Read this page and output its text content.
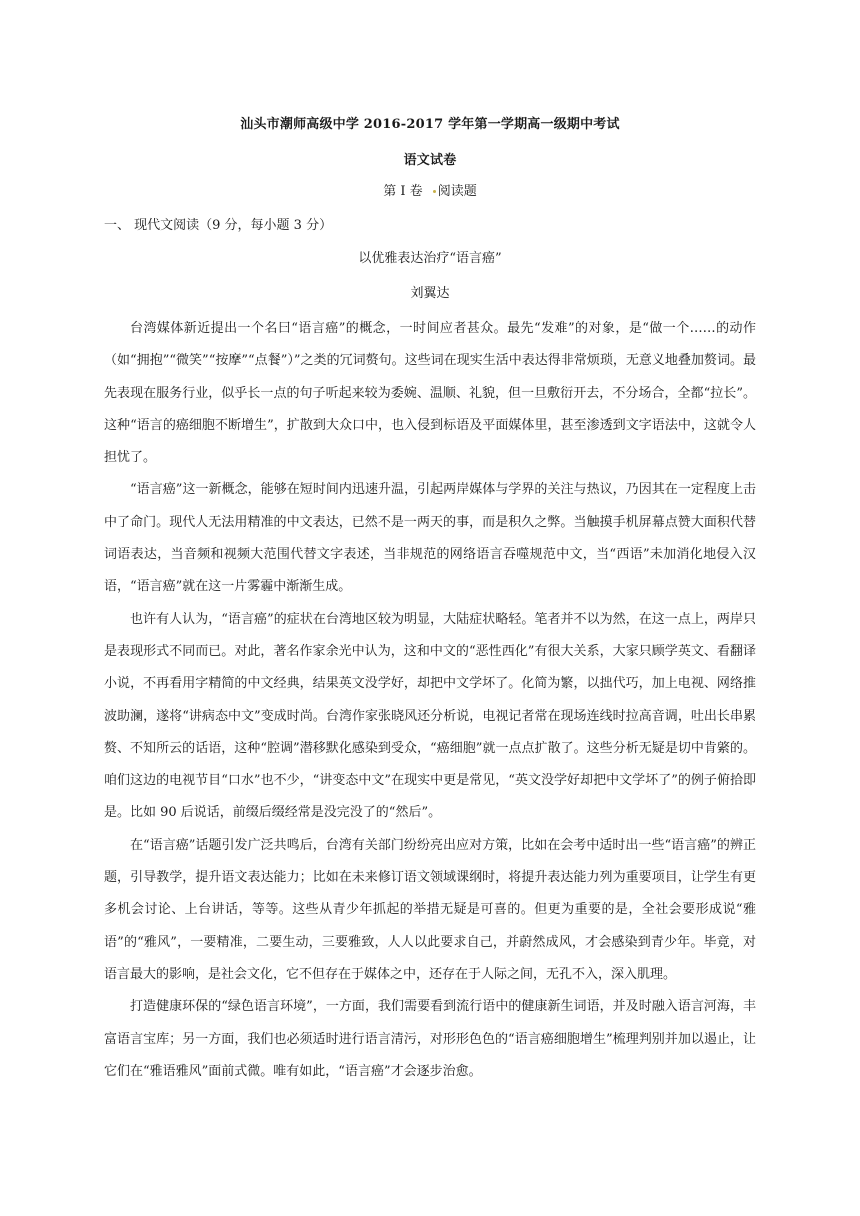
汕头市潮师高级中学 2016-2017 学年第一学期高一级期中考试
语文试卷
第 I 卷 阅读题
一、 现代文阅读（9 分，每小题 3 分）
以优雅表达治疗“语言癌”
刘翼达

台湾媒体新近提出一个名曰“语言癌”的概念，一时间应者甚众。最先“发难”的对象，是“做一个……的动作（如“拥抱”“微笑”“按摩”“点餐”）”之类的冗词赘句。这些词在现实生活中表达得非常烦琐，无意义地叠加赘词。最先表现在服务行业，似乎长一点的句子听起来较为委婉、温顺、礼貌，但一旦敷衍开去，不分场合，全都“拉长”。这种“语言的癌细胞不断增生”，扩散到大众口中，也入侵到标语及平面媒体里，甚至渗透到文字语法中，这就令人担忧了。

“语言癌”这一新概念，能够在短时间内迅速升温，引起两岸媒体与学界的关注与热议，乃因其在一定程度上击中了命门。现代人无法用精准的中文表达，已然不是一两天的事，而是积久之弊。当触摸手机屏幕点赞大面积代替词语表达，当音频和视频大范围代替文字表述，当非规范的网络语言吞噬规范中文，当“西语”未加消化地侵入汉语，“语言癌”就在这一片雾霾中渐渐生成。

也许有人认为，“语言癌”的症状在台湾地区较为明显，大陆症状略轻。笔者并不以为然，在这一点上，两岸只是表现形式不同而已。对此，著名作家余光中认为，这和中文的“恶性西化”有很大关系，大家只顾学英文、看翻译小说，不再看用字精简的中文经典，结果英文没学好，却把中文学坏了。化简为繁，以拙代巧，加上电视、网络推波助澜，遂将“讲病态中文”变成时尚。台湾作家张晓风还分析说，电视记者常在现场连线时拉高音调，吐出长串累赘、不知所云的话语，这种“腔调”潜移默化感染到受众，“癌细胞”就一点点扩散了。这些分析无疑是切中肯綮的。咱们这边的电视节目“口水”也不少，“讲变态中文”在现实中更是常见，“英文没学好却把中文学坏了”的例子俯拾即是。比如 90 后说话，前缀后缀经常是没完没了的“然后”。

在“语言癌”话题引发广泛共鸣后，台湾有关部门纷纷亮出应对方策，比如在会考中适时出一些“语言癌”的辨正题，引导教学，提升语文表达能力；比如在未来修订语文领域课纲时，将提升表达能力列为重要项目，让学生有更多机会讨论、上台讲话，等等。这些从青少年抓起的举措无疑是可喜的。但更为重要的是，全社会要形成说“雅语”的“雅风”，一要精准，二要生动，三要雅致，人人以此要求自己，并蔚然成风，才会感染到青少年。毕竟，对语言最大的影响，是社会文化，它不但存在于媒体之中，还存在于人际之间，无孔不入，深入肌理。

打造健康环保的“绿色语言环境”，一方面，我们需要看到流行语中的健康新生词语，并及时融入语言河海，丰富语言宝库；另一方面，我们也必须适时进行语言清污，对形形色色的“语言癌细胞增生”梳理判别并加以遏止，让它们在“雅语雅风”面前式微。唯有如此，“语言癌”才会逐步治愈。
